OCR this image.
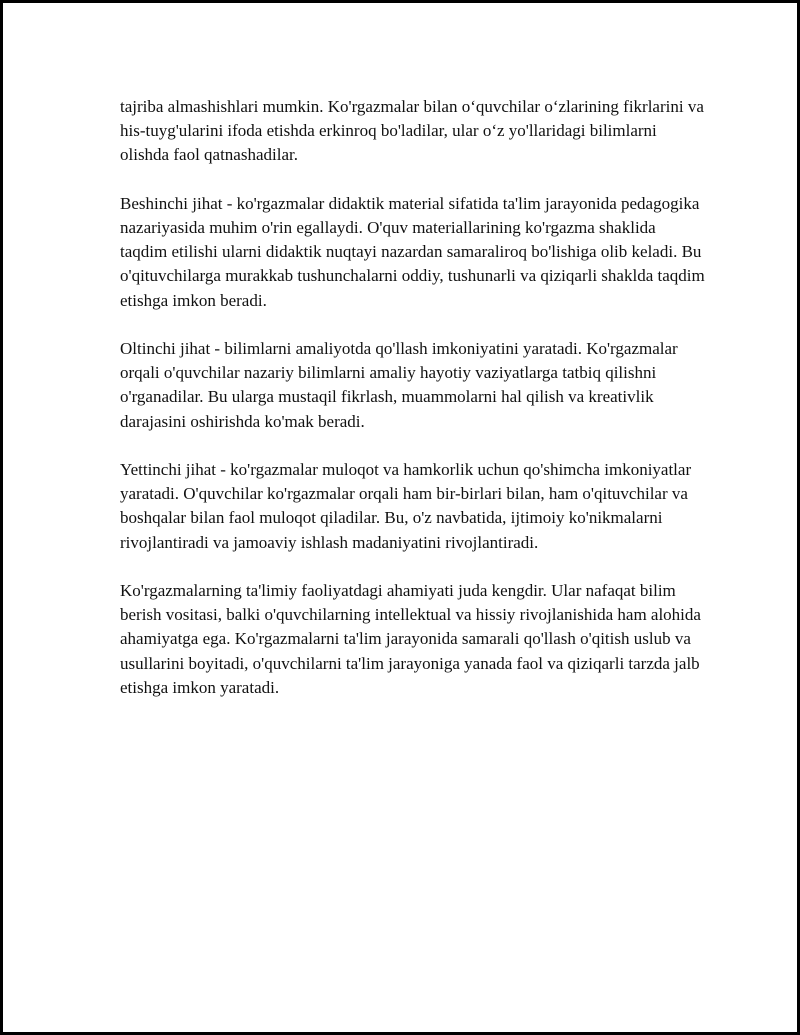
tajriba almashishlari mumkin. Ko'rgazmalar bilan o‘quvchilar o‘zlarining fikrlarini va his-tuyg'ularini ifoda etishda erkinroq bo'ladilar, ular o‘z yo'llaridagi bilimlarni olishda faol qatnashadilar.

Beshinchi jihat - ko'rgazmalar didaktik material sifatida ta'lim jarayonida pedagogika nazariyasida muhim o'rin egallaydi. O'quv materiallarining ko'rgazma shaklida taqdim etilishi ularni didaktik nuqtayi nazardan samaraliroq bo'lishiga olib keladi. Bu o'qituvchilarga murakkab tushunchalarni oddiy, tushunarli va qiziqarli shaklda taqdim etishga imkon beradi.

Oltinchi jihat - bilimlarni amaliyotda qo'llash imkoniyatini yaratadi. Ko'rgazmalar orqali o'quvchilar nazariy bilimlarni amaliy hayotiy vaziyatlarga tatbiq qilishni o'rganadilar. Bu ularga mustaqil fikrlash, muammolarni hal qilish va kreativlik darajasini oshirishda ko'mak beradi.

Yettinchi jihat - ko'rgazmalar muloqot va hamkorlik uchun qo'shimcha imkoniyatlar yaratadi. O'quvchilar ko'rgazmalar orqali ham bir-birlari bilan, ham o'qituvchilar va boshqalar bilan faol muloqot qiladilar. Bu, o'z navbatida, ijtimoiy ko'nikmalarni rivojlantiradi va jamoaviy ishlash madaniyatini rivojlantiradi.

Ko'rgazmalarning ta'limiy faoliyatdagi ahamiyati juda kengdir. Ular nafaqat bilim berish vositasi, balki o'quvchilarning intellektual va hissiy rivojlanishida ham alohida ahamiyatga ega. Ko'rgazmalarni ta'lim jarayonida samarali qo'llash o'qitish uslub va usullarini boyitadi, o'quvchilarni ta'lim jarayoniga yanada faol va qiziqarli tarzda jalb etishga imkon yaratadi.
